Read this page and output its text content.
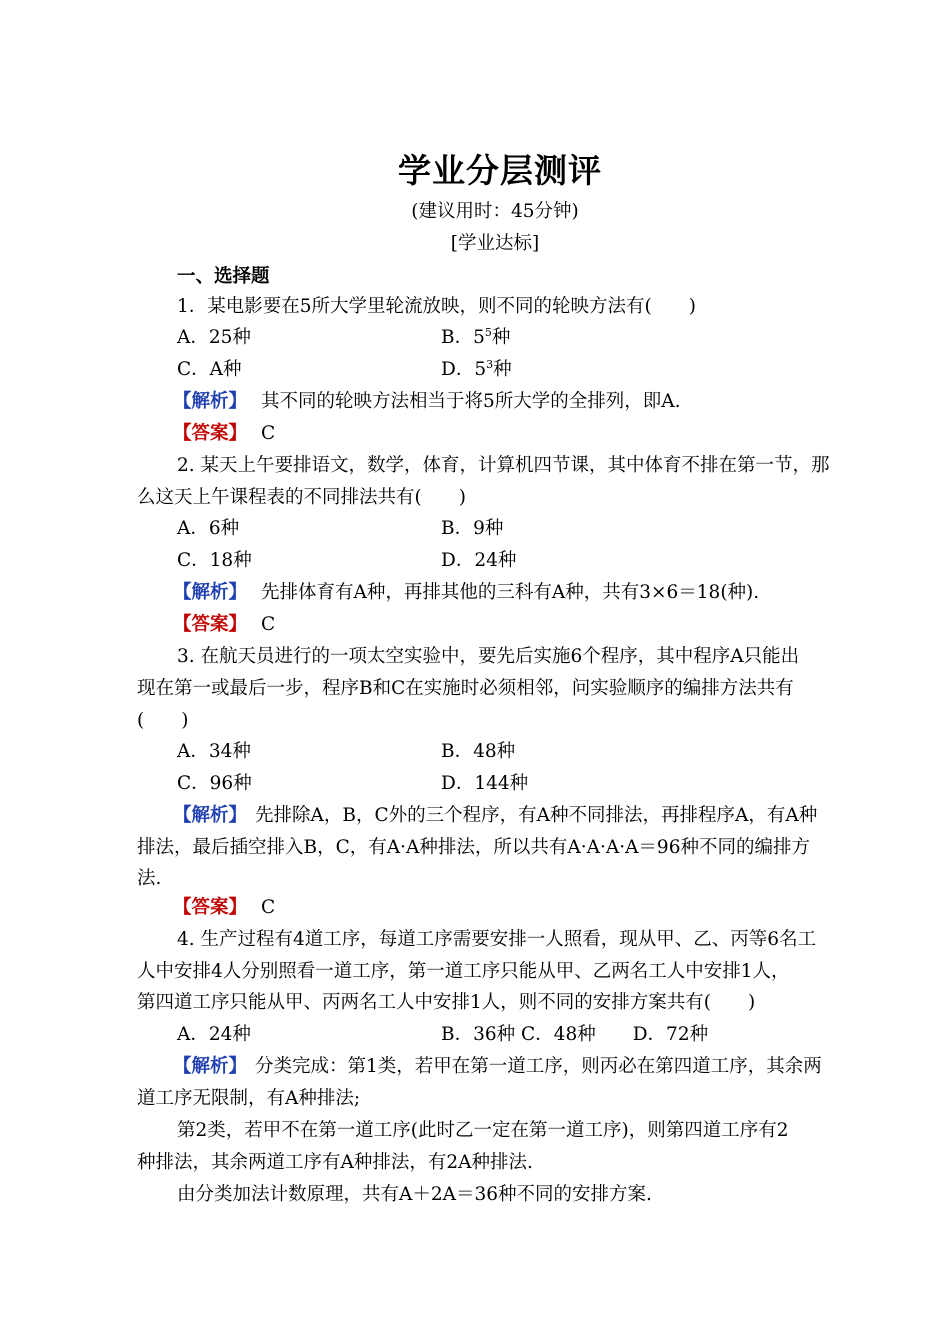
学业分层测评
(建议用时：45分钟)
[学业达标]
一、选择题
1．某电影要在5所大学里轮流放映，则不同的轮映方法有(　　)
A．25种	B．$5^5$种
C．A种	D．$5^3$种
【解析】 其不同的轮映方法相当于将5所大学的全排列，即A.
【答案】 C
2. 某天上午要排语文，数学，体育，计算机四节课，其中体育不排在第一节，那
么这天上午课程表的不同排法共有(　　)
A．6种	B．9种
C．18种	D．24种
【解析】 先排体育有A种，再排其他的三科有A种，共有3×6＝18(种).
【答案】 C
3. 在航天员进行的一项太空实验中，要先后实施6个程序，其中程序A只能出
现在第一或最后一步，程序B和C在实施时必须相邻，问实验顺序的编排方法共有
(　　)
A．34种	B．48种
C．96种	D．144种
【解析】 先排除A，B，C外的三个程序，有A种不同排法，再排程序A，有A种
排法，最后插空排入B，C，有A·A种排法，所以共有A·A·A·A＝96种不同的编排方
法.
【答案】 C
4. 生产过程有4道工序，每道工序需要安排一人照看，现从甲、乙、丙等6名工
人中安排4人分别照看一道工序，第一道工序只能从甲、乙两名工人中安排1人，
第四道工序只能从甲、丙两名工人中安排1人，则不同的安排方案共有(　　)
A．24种	B．36种 C．48种　　D．72种
【解析】 分类完成：第1类，若甲在第一道工序，则丙必在第四道工序，其余两
道工序无限制，有A种排法;
第2类，若甲不在第一道工序(此时乙一定在第一道工序)，则第四道工序有2
种排法，其余两道工序有A种排法，有2A种排法.
由分类加法计数原理，共有A＋2A＝36种不同的安排方案.
